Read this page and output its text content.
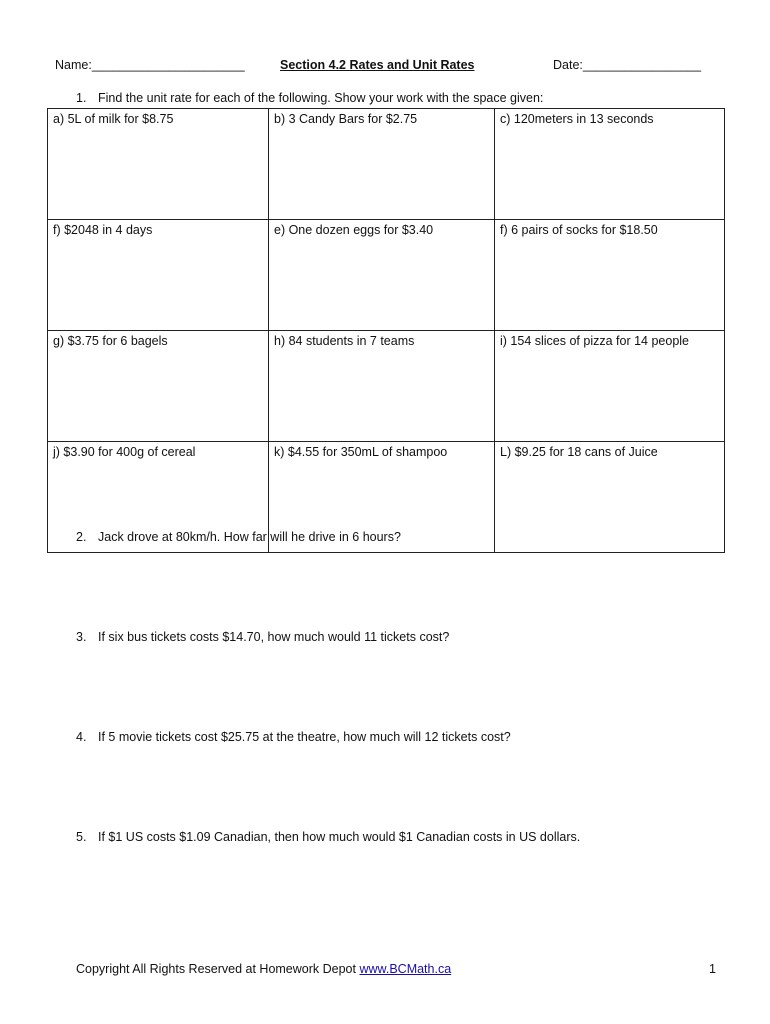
Name:______________________	Section 4.2 Rates and Unit Rates	Date:_________________
1. Find the unit rate for each of the following. Show your work with the space given:
a) 5L of milk for $8.75	b) 3 Candy Bars for $2.75	c) 120meters in 13 seconds
f) $2048 in 4 days	e) One dozen eggs for $3.40	f) 6 pairs of socks for $18.50
g) $3.75 for 6 bagels	h) 84 students in 7 teams	i) 154 slices of pizza for 14 people
j) $3.90 for 400g of cereal	k) $4.55 for 350mL of shampoo	L) $9.25 for 18 cans of Juice
2. Jack drove at 80km/h. How far will he drive in 6 hours?
3. If six bus tickets costs $14.70, how much would 11 tickets cost?
4. If 5 movie tickets cost $25.75 at the theatre, how much will 12 tickets cost?
5. If $1 US costs $1.09 Canadian, then how much would $1 Canadian costs in US dollars.
Copyright All Rights Reserved at Homework Depot www.BCMath.ca	1
